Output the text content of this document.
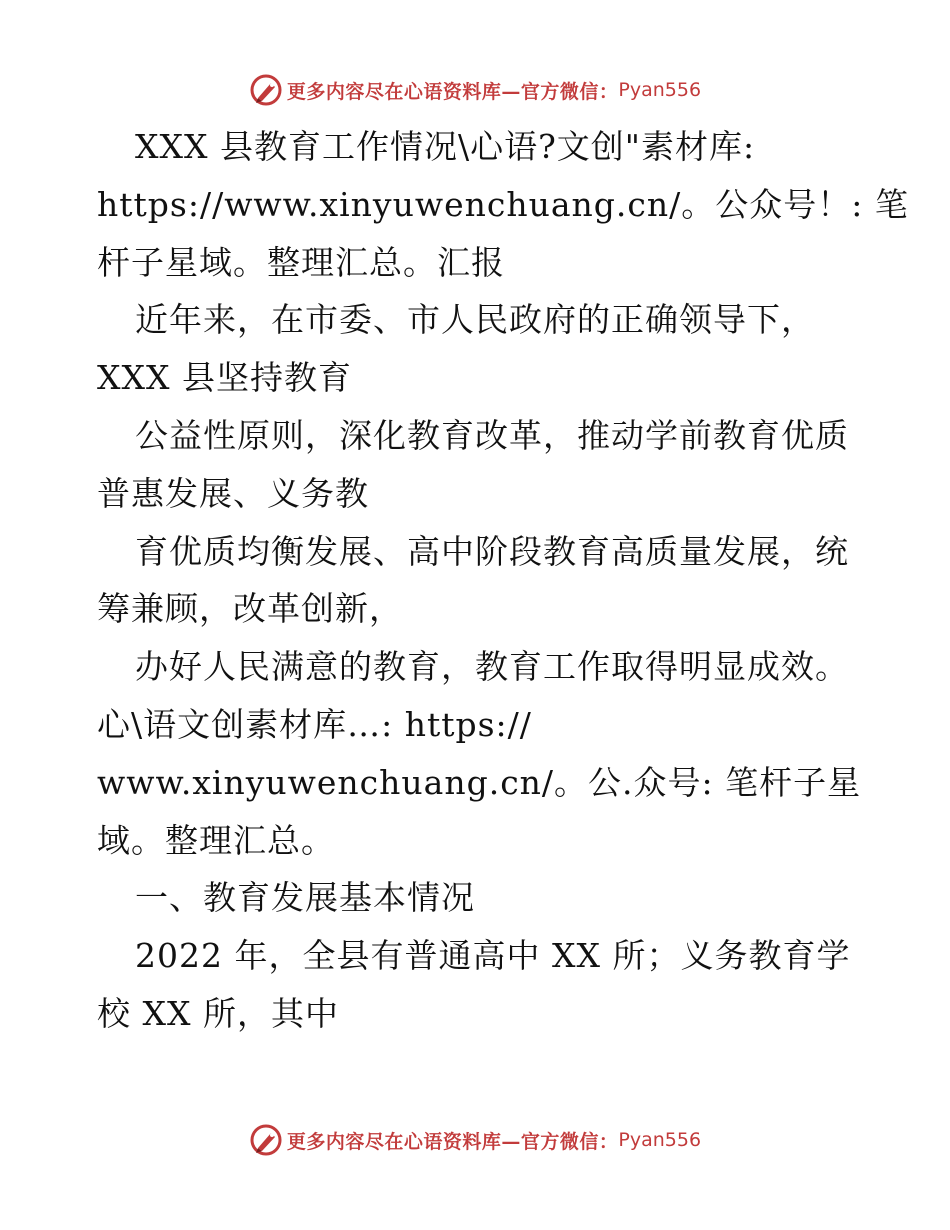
更多内容尽在心语资料库—官方微信： Pyan556
XXX 县教育工作情况\心语?文创"素材库:
https://www.xinyuwenchuang.cn/。公众号！: 笔
杆子星域。整理汇总。汇报
近年来，在市委、市人民政府的正确领导下，
XXX 县坚持教育
公益性原则，深化教育改革，推动学前教育优质
普惠发展、义务教
育优质均衡发展、高中阶段教育高质量发展，统
筹兼顾，改革创新，
办好人民满意的教育，教育工作取得明显成效。
心\语文创素材库…: https://
www.xinyuwenchuang.cn/。公.众号: 笔杆子星
域。整理汇总。
一、教育发展基本情况
2022 年，全县有普通高中 XX 所；义务教育学
校 XX 所，其中
更多内容尽在心语资料库—官方微信： Pyan556
